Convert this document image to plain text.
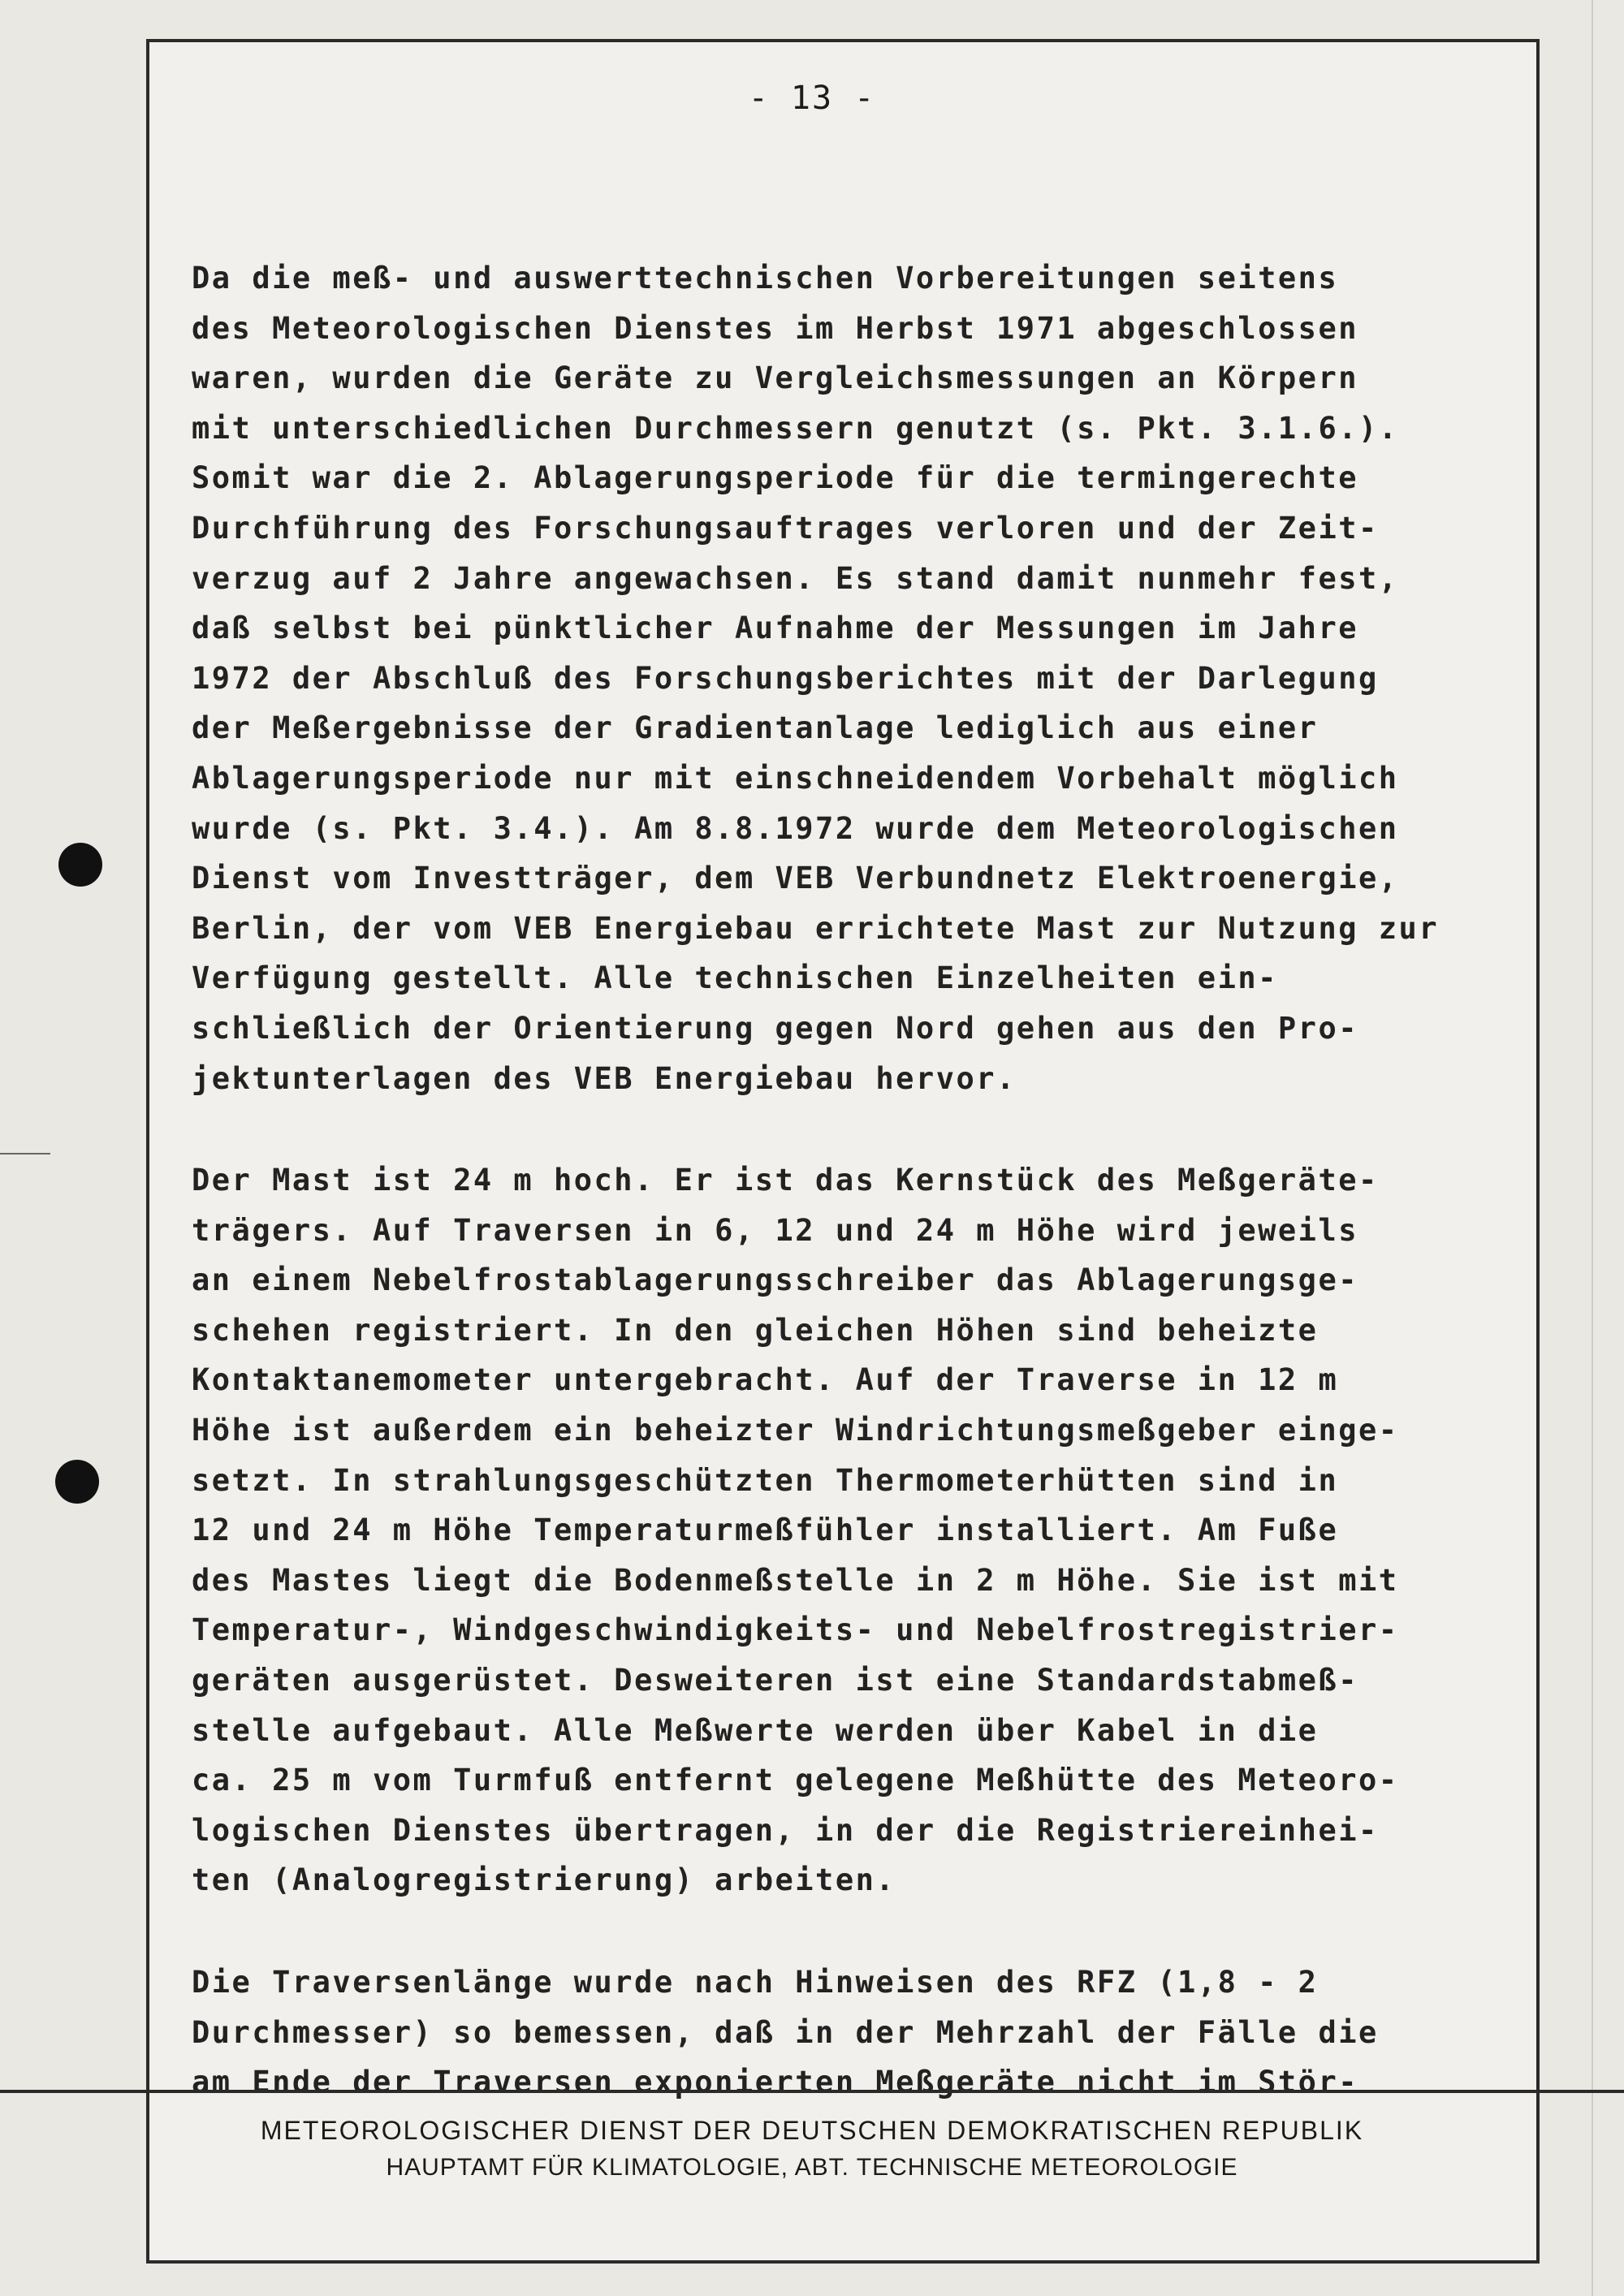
- 13 -
Da die meß- und auswerttechnischen Vorbereitungen seitens
des Meteorologischen Dienstes im Herbst 1971 abgeschlossen
waren, wurden die Geräte zu Vergleichsmessungen an Körpern
mit unterschiedlichen Durchmessern genutzt (s. Pkt. 3.1.6.).
Somit war die 2. Ablagerungsperiode für die termingerechte
Durchführung des Forschungsauftrages verloren und der Zeit-
verzug auf 2 Jahre angewachsen. Es stand damit nunmehr fest,
daß selbst bei pünktlicher Aufnahme der Messungen im Jahre
1972 der Abschluß des Forschungsberichtes mit der Darlegung
der Meßergebnisse der Gradientanlage lediglich aus einer
Ablagerungsperiode nur mit einschneidendem Vorbehalt möglich
wurde (s. Pkt. 3.4.). Am 8.8.1972 wurde dem Meteorologischen
Dienst vom Investträger, dem VEB Verbundnetz Elektroenergie,
Berlin, der vom VEB Energiebau errichtete Mast zur Nutzung zur
Verfügung gestellt. Alle technischen Einzelheiten ein-
schließlich der Orientierung gegen Nord gehen aus den Pro-
jektunterlagen des VEB Energiebau hervor.
Der Mast ist 24 m hoch. Er ist das Kernstück des Meßgeräte-
trägers. Auf Traversen in 6, 12 und 24 m Höhe wird jeweils
an einem Nebelfrostablagerungsschreiber das Ablagerungsge-
schehen registriert. In den gleichen Höhen sind beheizte
Kontaktanemometer untergebracht. Auf der Traverse in 12 m
Höhe ist außerdem ein beheizter Windrichtungsmeßgeber einge-
setzt. In strahlungsgeschützten Thermometerhütten sind in
12 und 24 m Höhe Temperaturmeßfühler installiert. Am Fuße
des Mastes liegt die Bodenmeßstelle in 2 m Höhe. Sie ist mit
Temperatur-, Windgeschwindigkeits- und Nebelfrostregistrier-
geräten ausgerüstet. Desweiteren ist eine Standardstabmeß-
stelle aufgebaut. Alle Meßwerte werden über Kabel in die
ca. 25 m vom Turmfuß entfernt gelegene Meßhütte des Meteoro-
logischen Dienstes übertragen, in der die Registriereinhei-
ten (Analogregistrierung) arbeiten.
Die Traversenlänge wurde nach Hinweisen des RFZ (1,8 - 2
Durchmesser) so bemessen, daß in der Mehrzahl der Fälle die
am Ende der Traversen exponierten Meßgeräte nicht im Stör-
METEOROLOGISCHER DIENST DER DEUTSCHEN DEMOKRATISCHEN REPUBLIK
HAUPTAMT FÜR KLIMATOLOGIE, ABT. TECHNISCHE METEOROLOGIE
